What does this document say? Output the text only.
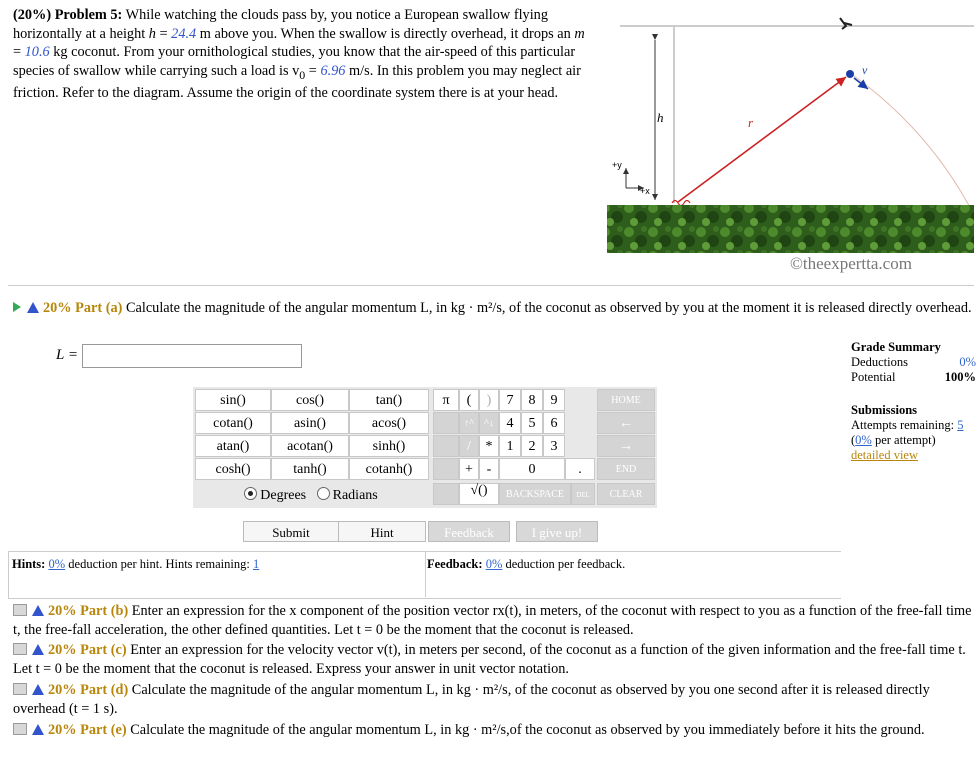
(20%) Problem 5: While watching the clouds pass by, you notice a European swallow flying horizontally at a height h = 24.4 m above you. When the swallow is directly overhead, it drops an m = 10.6 kg coconut. From your ornithological studies, you know that the air-speed of this particular species of swallow while carrying such a load is $v_0 = 6.96$ m/s. In this problem you may neglect air friction. Refer to the diagram. Assume the origin of the coordinate system there is at your head.
h	r
v
+y
+x
©theexpertta.com
20% Part (a) Calculate the magnitude of the angular momentum L, in kg · m²/s, of the coconut as observed by you at the moment it is released directly overhead.
L =
sin()	cos()	tan()
cotan()	asin()	acos()
atan()	acotan()	sinh()
cosh()	tanh()	cotanh()
Degrees Radians
π	(	)
↑^	^↓
/	*
+ -
√()
7	8	9
4	5	6
1	2	3
0	.
HOME
←
→
END
BACKSPACE	DEL	CLEAR
Submit	Hint	Feedback	I give up!
Grade Summary
Deductions	0%
Potential	100%
Submissions
Attempts remaining: 5
(0% per attempt)
detailed view
Hints: 0% deduction per hint. Hints remaining: 1	Feedback: 0% deduction per feedback.
20% Part (b) Enter an expression for the x component of the position vector rx(t), in meters, of the coconut with respect to you as a function of the free-fall time t, the free-fall acceleration, the other defined quantities. Let t = 0 be the moment that the coconut is released.
20% Part (c) Enter an expression for the velocity vector v(t), in meters per second, of the coconut as a function of the given information and the free-fall time t. Let t = 0 be the moment that the coconut is released. Express your answer in unit vector notation.
20% Part (d) Calculate the magnitude of the angular momentum L, in kg · m²/s, of the coconut as observed by you one second after it is released directly overhead (t = 1 s).
20% Part (e) Calculate the magnitude of the angular momentum L, in kg · m²/s,of the coconut as observed by you immediately before it hits the ground.
